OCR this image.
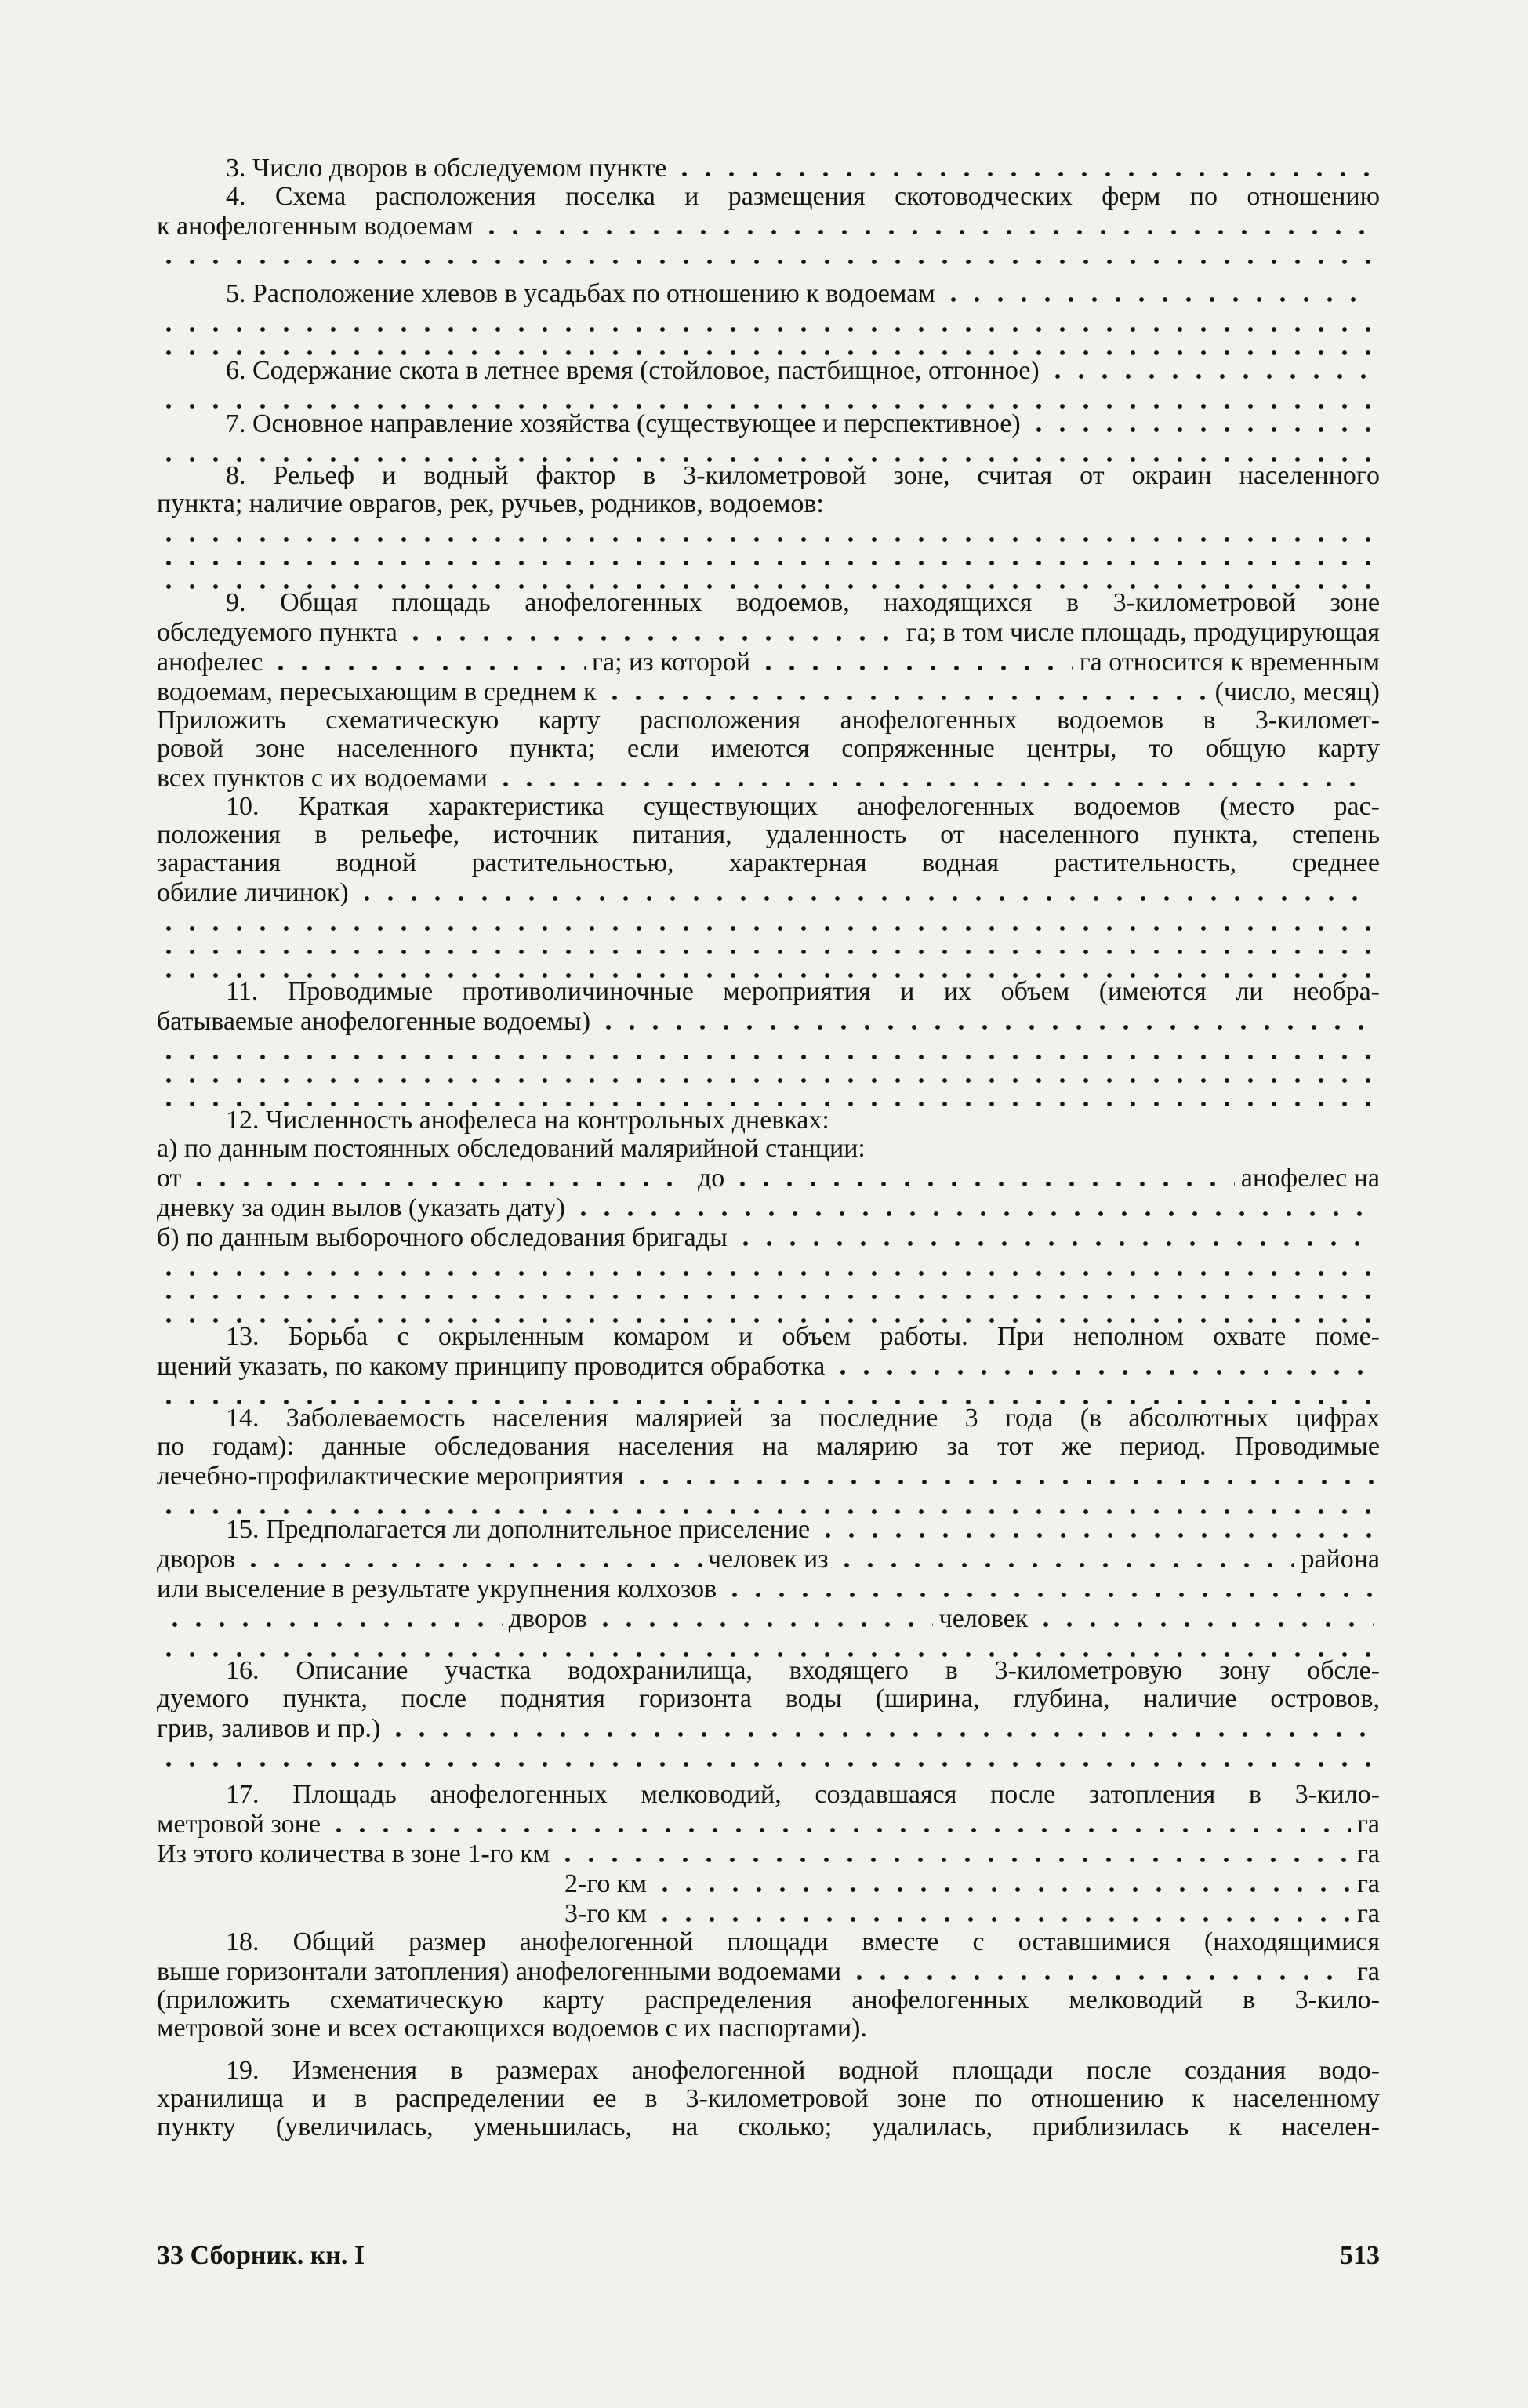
3. Число дворов в обследуемом пункте
4. Схема расположения поселка и размещения скотоводческих ферм по отношению
к анофелогенным водоемам
5. Расположение хлевов в усадьбах по отношению к водоемам
6. Содержание скота в летнее время (стойловое, пастбищное, отгонное)
7. Основное направление хозяйства (существующее и перспективное)
8. Рельеф и водный фактор в 3-километровой зоне, считая от окраин населенного
пункта; наличие оврагов, рек, ручьев, родников, водоемов:
9. Общая площадь анофелогенных водоемов, находящихся в 3-километровой зоне
обследуемого пункта	га; в том числе площадь, продуцирующая
анофелес	га; из которой	га относится к временным
водоемам, пересыхающим в среднем к	(число, месяц)
Приложить схематическую карту расположения анофелогенных водоемов в 3-километ-
ровой зоне населенного пункта; если имеются сопряженные центры, то общую карту
всех пунктов с их водоемами
10. Краткая характеристика существующих анофелогенных водоемов (место рас-
положения в рельефе, источник питания, удаленность от населенного пункта, степень
зарастания водной растительностью, характерная водная растительность, среднее
обилие личинок)
11. Проводимые противоличиночные мероприятия и их объем (имеются ли необра-
батываемые анофелогенные водоемы)
12. Численность анофелеса на контрольных дневках:
а) по данным постоянных обследований малярийной станции:
от	до	анофелес на
дневку за один вылов (указать дату)
б) по данным выборочного обследования бригады
13. Борьба с окрыленным комаром и объем работы. При неполном охвате поме-
щений указать, по какому принципу проводится обработка
14. Заболеваемость населения малярией за последние 3 года (в абсолютных цифрах
по годам): данные обследования населения на малярию за тот же период. Проводимые
лечебно-профилактические мероприятия
15. Предполагается ли дополнительное приселение
дворов	человек из	района
или выселение в результате укрупнения колхозов
дворов	человек
16. Описание участка водохранилища, входящего в 3-километровую зону обсле-
дуемого пункта, после поднятия горизонта воды (ширина, глубина, наличие островов,
грив, заливов и пр.)
17. Площадь анофелогенных мелководий, создавшаяся после затопления в 3-кило-
метровой зоне	га
Из этого количества в зоне 1-го км	га
2-го км	га
3-го км	га
18. Общий размер анофелогенной площади вместе с оставшимися (находящимися
выше горизонтали затопления) анофелогенными водоемами	га
(приложить схематическую карту распределения анофелогенных мелководий в 3-кило-
метровой зоне и всех остающихся водоемов с их паспортами).
19. Изменения в размерах анофелогенной водной площади после создания водо-
хранилища и в распределении ее в 3-километровой зоне по отношению к населенному
пункту (увеличилась, уменьшилась, на сколько; удалилась, приблизилась к населен-
33 Сборник. кн. I	513
